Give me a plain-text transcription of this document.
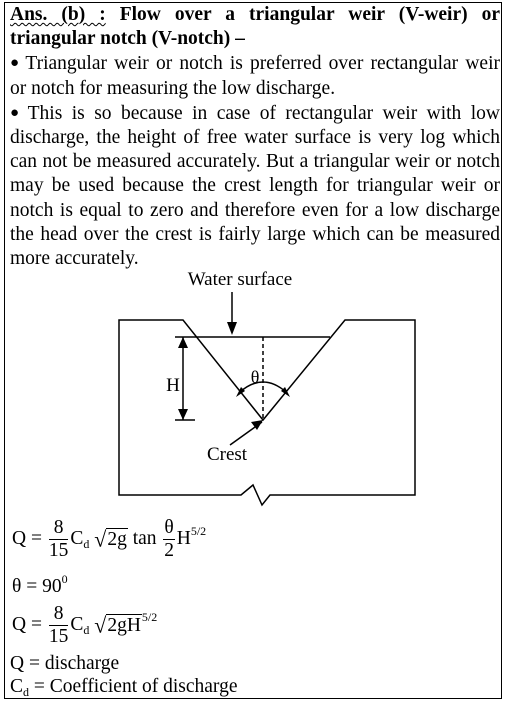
Ans. (b) : Flow over a triangular weir (V-weir) or triangular notch (V-notch) –

● Triangular weir or notch is preferred over rectangular weir or notch for measuring the low discharge.

● This is so because in case of rectangular weir with low discharge, the height of free water surface is very log which can not be measured accurately. But a triangular weir or notch may be used because the crest length for triangular weir or notch is equal to zero and therefore even for a low discharge the head over the crest is fairly large which can be measured more accurately.

Water surface
H	θ
Crest
$Q = \frac{8}{15} C_d$ √2g $\tan \frac{\theta}{2} H^{5/2}$
$\theta = 90^0$
$Q = \frac{8}{15} C_d$ $√2gH^{5/2}$
Q = discharge
$C_d$ = Coefficient of discharge
